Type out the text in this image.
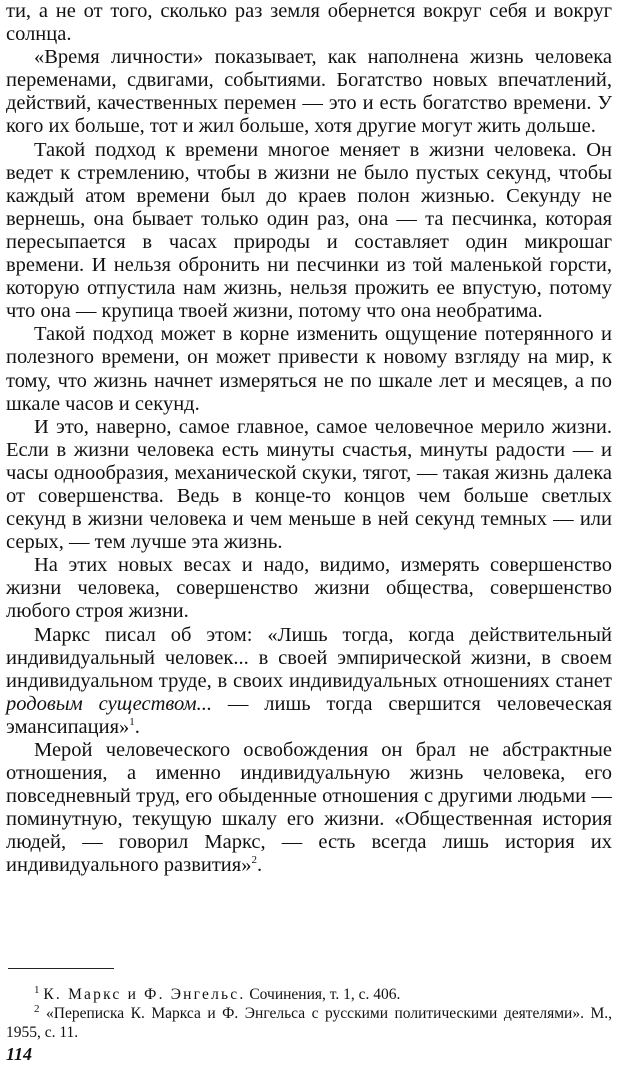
ти, а не от того, сколько раз земля обернется вокруг себя и вокруг солнца.

«Время личности» показывает, как наполнена жизнь человека переменами, сдвигами, событиями. Богатство новых впечатлений, действий, качественных перемен — это и есть богатство времени. У кого их больше, тот и жил больше, хотя другие могут жить дольше.

Такой подход к времени многое меняет в жизни человека. Он ведет к стремлению, чтобы в жизни не было пустых секунд, чтобы каждый атом времени был до краев полон жизнью. Секунду не вернешь, она бывает только один раз, она — та песчинка, которая пересыпается в часах природы и составляет один микрошаг времени. И нельзя обронить ни песчинки из той маленькой горсти, которую отпустила нам жизнь, нельзя прожить ее впустую, потому что она — крупица твоей жизни, потому что она необратима.

Такой подход может в корне изменить ощущение потерянного и полезного времени, он может привести к новому взгляду на мир, к тому, что жизнь начнет измеряться не по шкале лет и месяцев, а по шкале часов и секунд.

И это, наверно, самое главное, самое человечное мерило жизни. Если в жизни человека есть минуты счастья, минуты радости — и часы однообразия, механической скуки, тягот, — такая жизнь далека от совершенства. Ведь в конце-то концов чем больше светлых секунд в жизни человека и чем меньше в ней секунд темных — или серых, — тем лучше эта жизнь.

На этих новых весах и надо, видимо, измерять совершенство жизни человека, совершенство жизни общества, совершенство любого строя жизни.

Маркс писал об этом: «Лишь тогда, когда действительный индивидуальный человек... в своей эмпирической жизни, в своем индивидуальном труде, в своих индивидуальных отношениях станет родовым существом... — лишь тогда свершится человеческая эмансипация»$^1$.

Мерой человеческого освобождения он брал не абстрактные отношения, а именно индивидуальную жизнь человека, его повседневный труд, его обыденные отношения с другими людьми — поминутную, текущую шкалу его жизни. «Общественная история людей, — говорил Маркс, — есть всегда лишь история их индивидуального развития»$^2$.

$^1$ К. Маркс и Ф. Энгельс. Сочинения, т. 1, с. 406.

$^2$ «Переписка К. Маркса и Ф. Энгельса с русскими политическими деятелями». М., 1955, с. 11.

114
